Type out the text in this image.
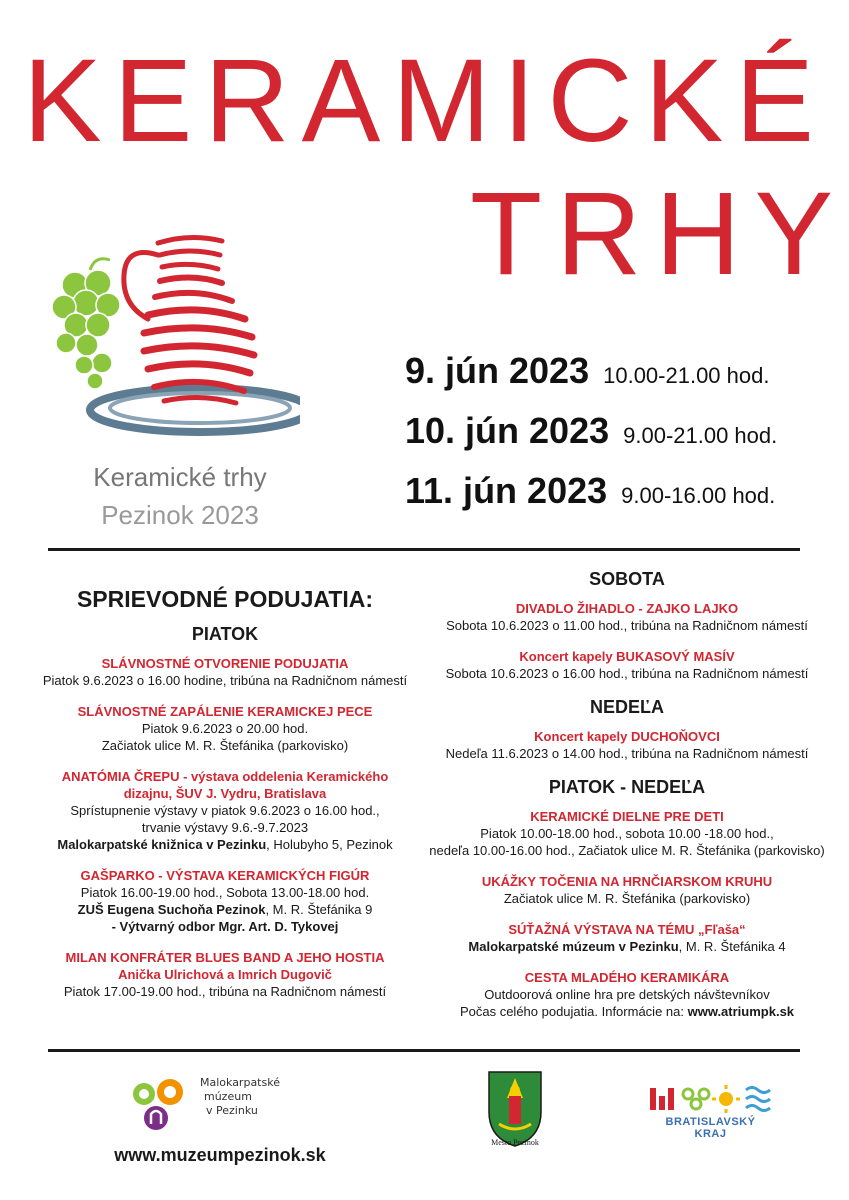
KERAMICKÉ
TRHY
Keramické trhy
Pezinok 2023
9. jún 2023 10.00-21.00 hod.
10. jún 2023 9.00-21.00 hod.
11. jún 2023 9.00-16.00 hod.
SPRIEVODNÉ PODUJATIA:
PIATOK
SLÁVNOSTNÉ OTVORENIE PODUJATIA
Piatok 9.6.2023 o 16.00 hodine, tribúna na Radničnom námestí
SLÁVNOSTNÉ ZAPÁLENIE KERAMICKEJ PECE
Piatok 9.6.2023 o 20.00 hod.
Začiatok ulice M. R. Štefánika (parkovisko)
ANATÓMIA ČREPU - výstava oddelenia Keramického
dizajnu, ŠUV J. Vydru, Bratislava
Sprístupnenie výstavy v piatok 9.6.2023 o 16.00 hod.,
trvanie výstavy 9.6.-9.7.2023
Malokarpatské knižnica v Pezinku, Holubyho 5, Pezinok
GAŠPARKO - VÝSTAVA KERAMICKÝCH FIGÚR
Piatok 16.00-19.00 hod., Sobota 13.00-18.00 hod.
ZUŠ Eugena Suchoňa Pezinok, M. R. Štefánika 9
- Výtvarný odbor Mgr. Art. D. Tykovej
MILAN KONFRÁTER BLUES BAND A JEHO HOSTIA
Anička Ulrichová a Imrich Dugovič
Piatok 17.00-19.00 hod., tribúna na Radničnom námestí
SOBOTA
DIVADLO ŽIHADLO - ZAJKO LAJKO
Sobota 10.6.2023 o 11.00 hod., tribúna na Radničnom námestí
Koncert kapely BUKASOVÝ MASÍV
Sobota 10.6.2023 o 16.00 hod., tribúna na Radničnom námestí
NEDEĽA
Koncert kapely DUCHOŇOVCI
Nedeľa 11.6.2023 o 14.00 hod., tribúna na Radničnom námestí
PIATOK - NEDEĽA
KERAMICKÉ DIELNE PRE DETI
Piatok 10.00-18.00 hod., sobota 10.00 -18.00 hod.,
nedeľa 10.00-16.00 hod., Začiatok ulice M. R. Štefánika (parkovisko)
UKÁŽKY TOČENIA NA HRNČIARSKOM KRUHU
Začiatok ulice M. R. Štefánika (parkovisko)
SÚŤAŽNÁ VÝSTAVA NA TÉMU „Fľaša“
Malokarpatské múzeum v Pezinku, M. R. Štefánika 4
CESTA MLADÉHO KERAMIKÁRA
Outdoorová online hra pre detských návštevníkov
Počas celého podujatia. Informácie na: www.atriumpk.sk
Malokarpatské
múzeum
v Pezinku
www.muzeumpezinok.sk
Mesto Pezinok
BRATISLAVSKÝ KRAJ
